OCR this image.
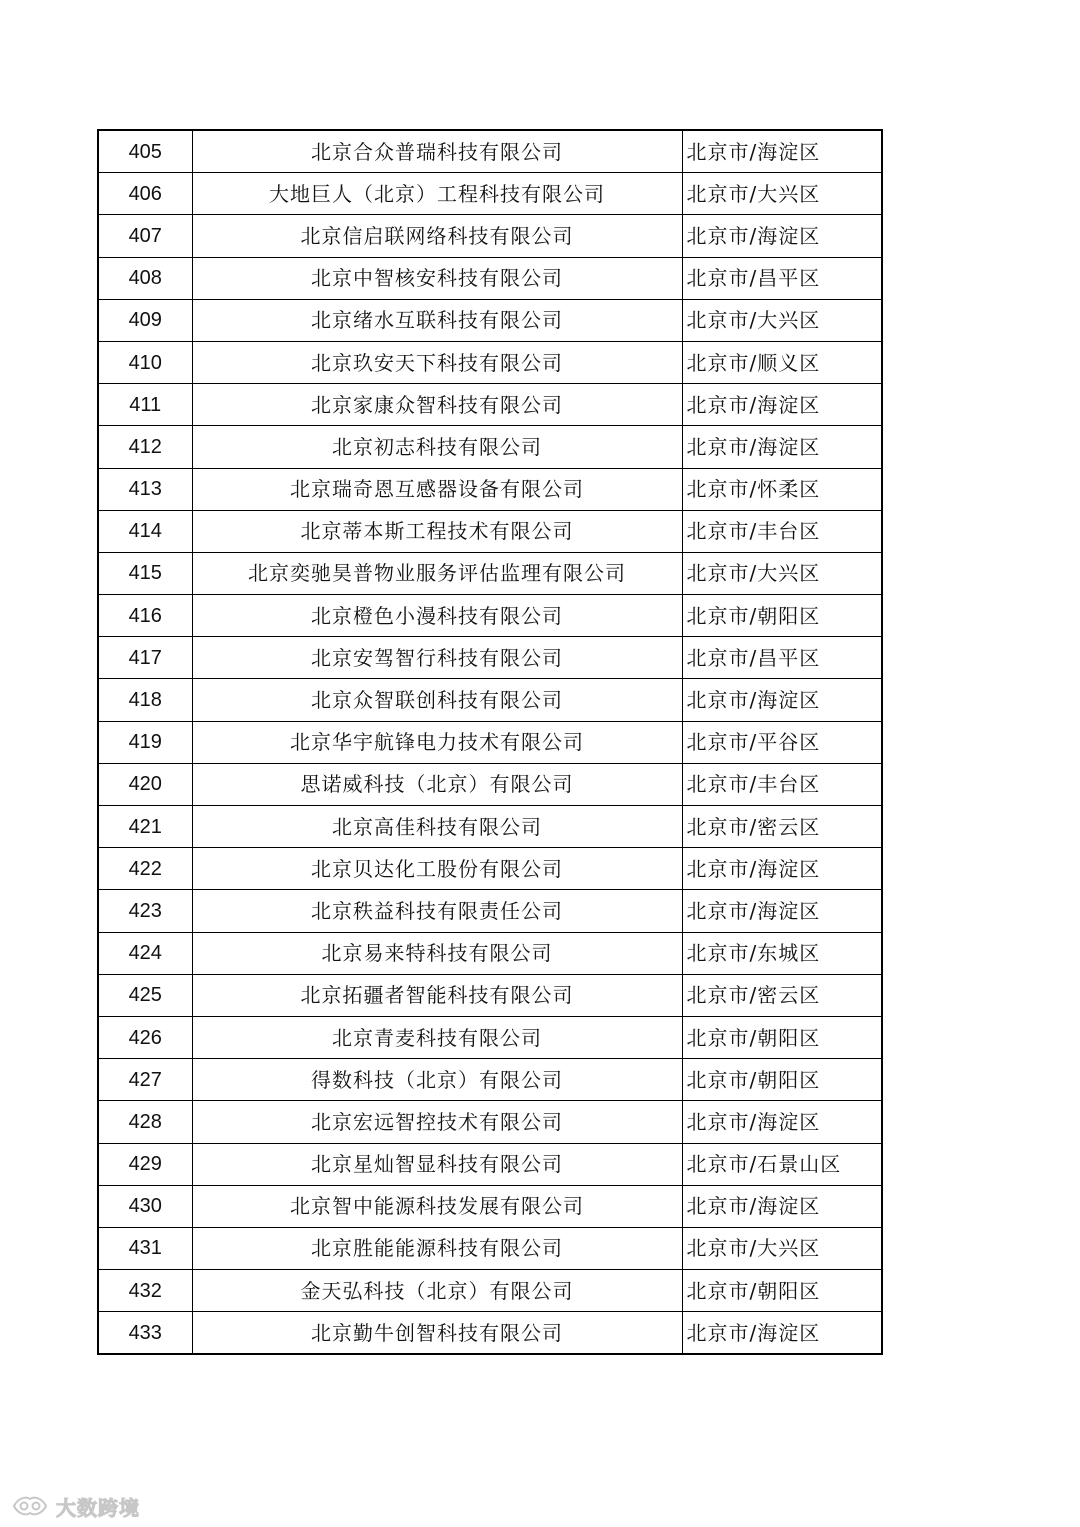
405	北京合众普瑞科技有限公司	北京市/海淀区
406	大地巨人（北京）工程科技有限公司	北京市/大兴区
407	北京信启联网络科技有限公司	北京市/海淀区
408	北京中智核安科技有限公司	北京市/昌平区
409	北京绪水互联科技有限公司	北京市/大兴区
410	北京玖安天下科技有限公司	北京市/顺义区
411	北京家康众智科技有限公司	北京市/海淀区
412	北京初志科技有限公司	北京市/海淀区
413	北京瑞奇恩互感器设备有限公司	北京市/怀柔区
414	北京蒂本斯工程技术有限公司	北京市/丰台区
415	北京奕驰昊普物业服务评估监理有限公司	北京市/大兴区
416	北京橙色小漫科技有限公司	北京市/朝阳区
417	北京安驾智行科技有限公司	北京市/昌平区
418	北京众智联创科技有限公司	北京市/海淀区
419	北京华宇航锋电力技术有限公司	北京市/平谷区
420	思诺威科技（北京）有限公司	北京市/丰台区
421	北京高佳科技有限公司	北京市/密云区
422	北京贝达化工股份有限公司	北京市/海淀区
423	北京秩益科技有限责任公司	北京市/海淀区
424	北京易来特科技有限公司	北京市/东城区
425	北京拓疆者智能科技有限公司	北京市/密云区
426	北京青麦科技有限公司	北京市/朝阳区
427	得数科技（北京）有限公司	北京市/朝阳区
428	北京宏远智控技术有限公司	北京市/海淀区
429	北京星灿智显科技有限公司	北京市/石景山区
430	北京智中能源科技发展有限公司	北京市/海淀区
431	北京胜能能源科技有限公司	北京市/大兴区
432	金天弘科技（北京）有限公司	北京市/朝阳区
433	北京勤牛创智科技有限公司	北京市/海淀区
大数跨境
